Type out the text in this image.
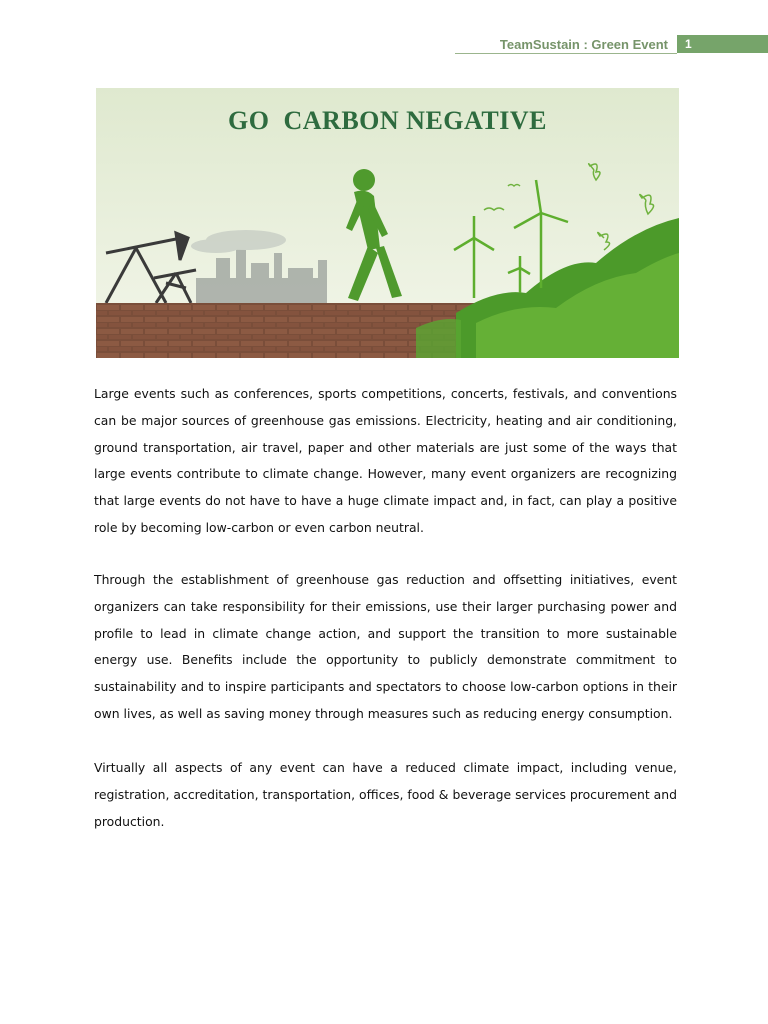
TeamSustain : Green Event	1
GO  CARBON NEGATIVE

Large events such as conferences, sports competitions, concerts, festivals, and conventions can be major sources of greenhouse gas emissions. Electricity, heating and air conditioning, ground transportation, air travel, paper and other materials are just some of the ways that large events contribute to climate change. However, many event organizers are recognizing that large events do not have to have a huge climate impact and, in fact, can play a positive role by becoming low-carbon or even carbon neutral.

Through the establishment of greenhouse gas reduction and offsetting initiatives, event organizers can take responsibility for their emissions, use their larger purchasing power and profile to lead in climate change action, and support the transition to more sustainable energy use. Benefits include the opportunity to publicly demonstrate commitment to sustainability and to inspire participants and spectators to choose low-carbon options in their own lives, as well as saving money through measures such as reducing energy consumption.

Virtually all aspects of any event can have a reduced climate impact, including venue, registration, accreditation, transportation, offices, food & beverage services procurement and production.
